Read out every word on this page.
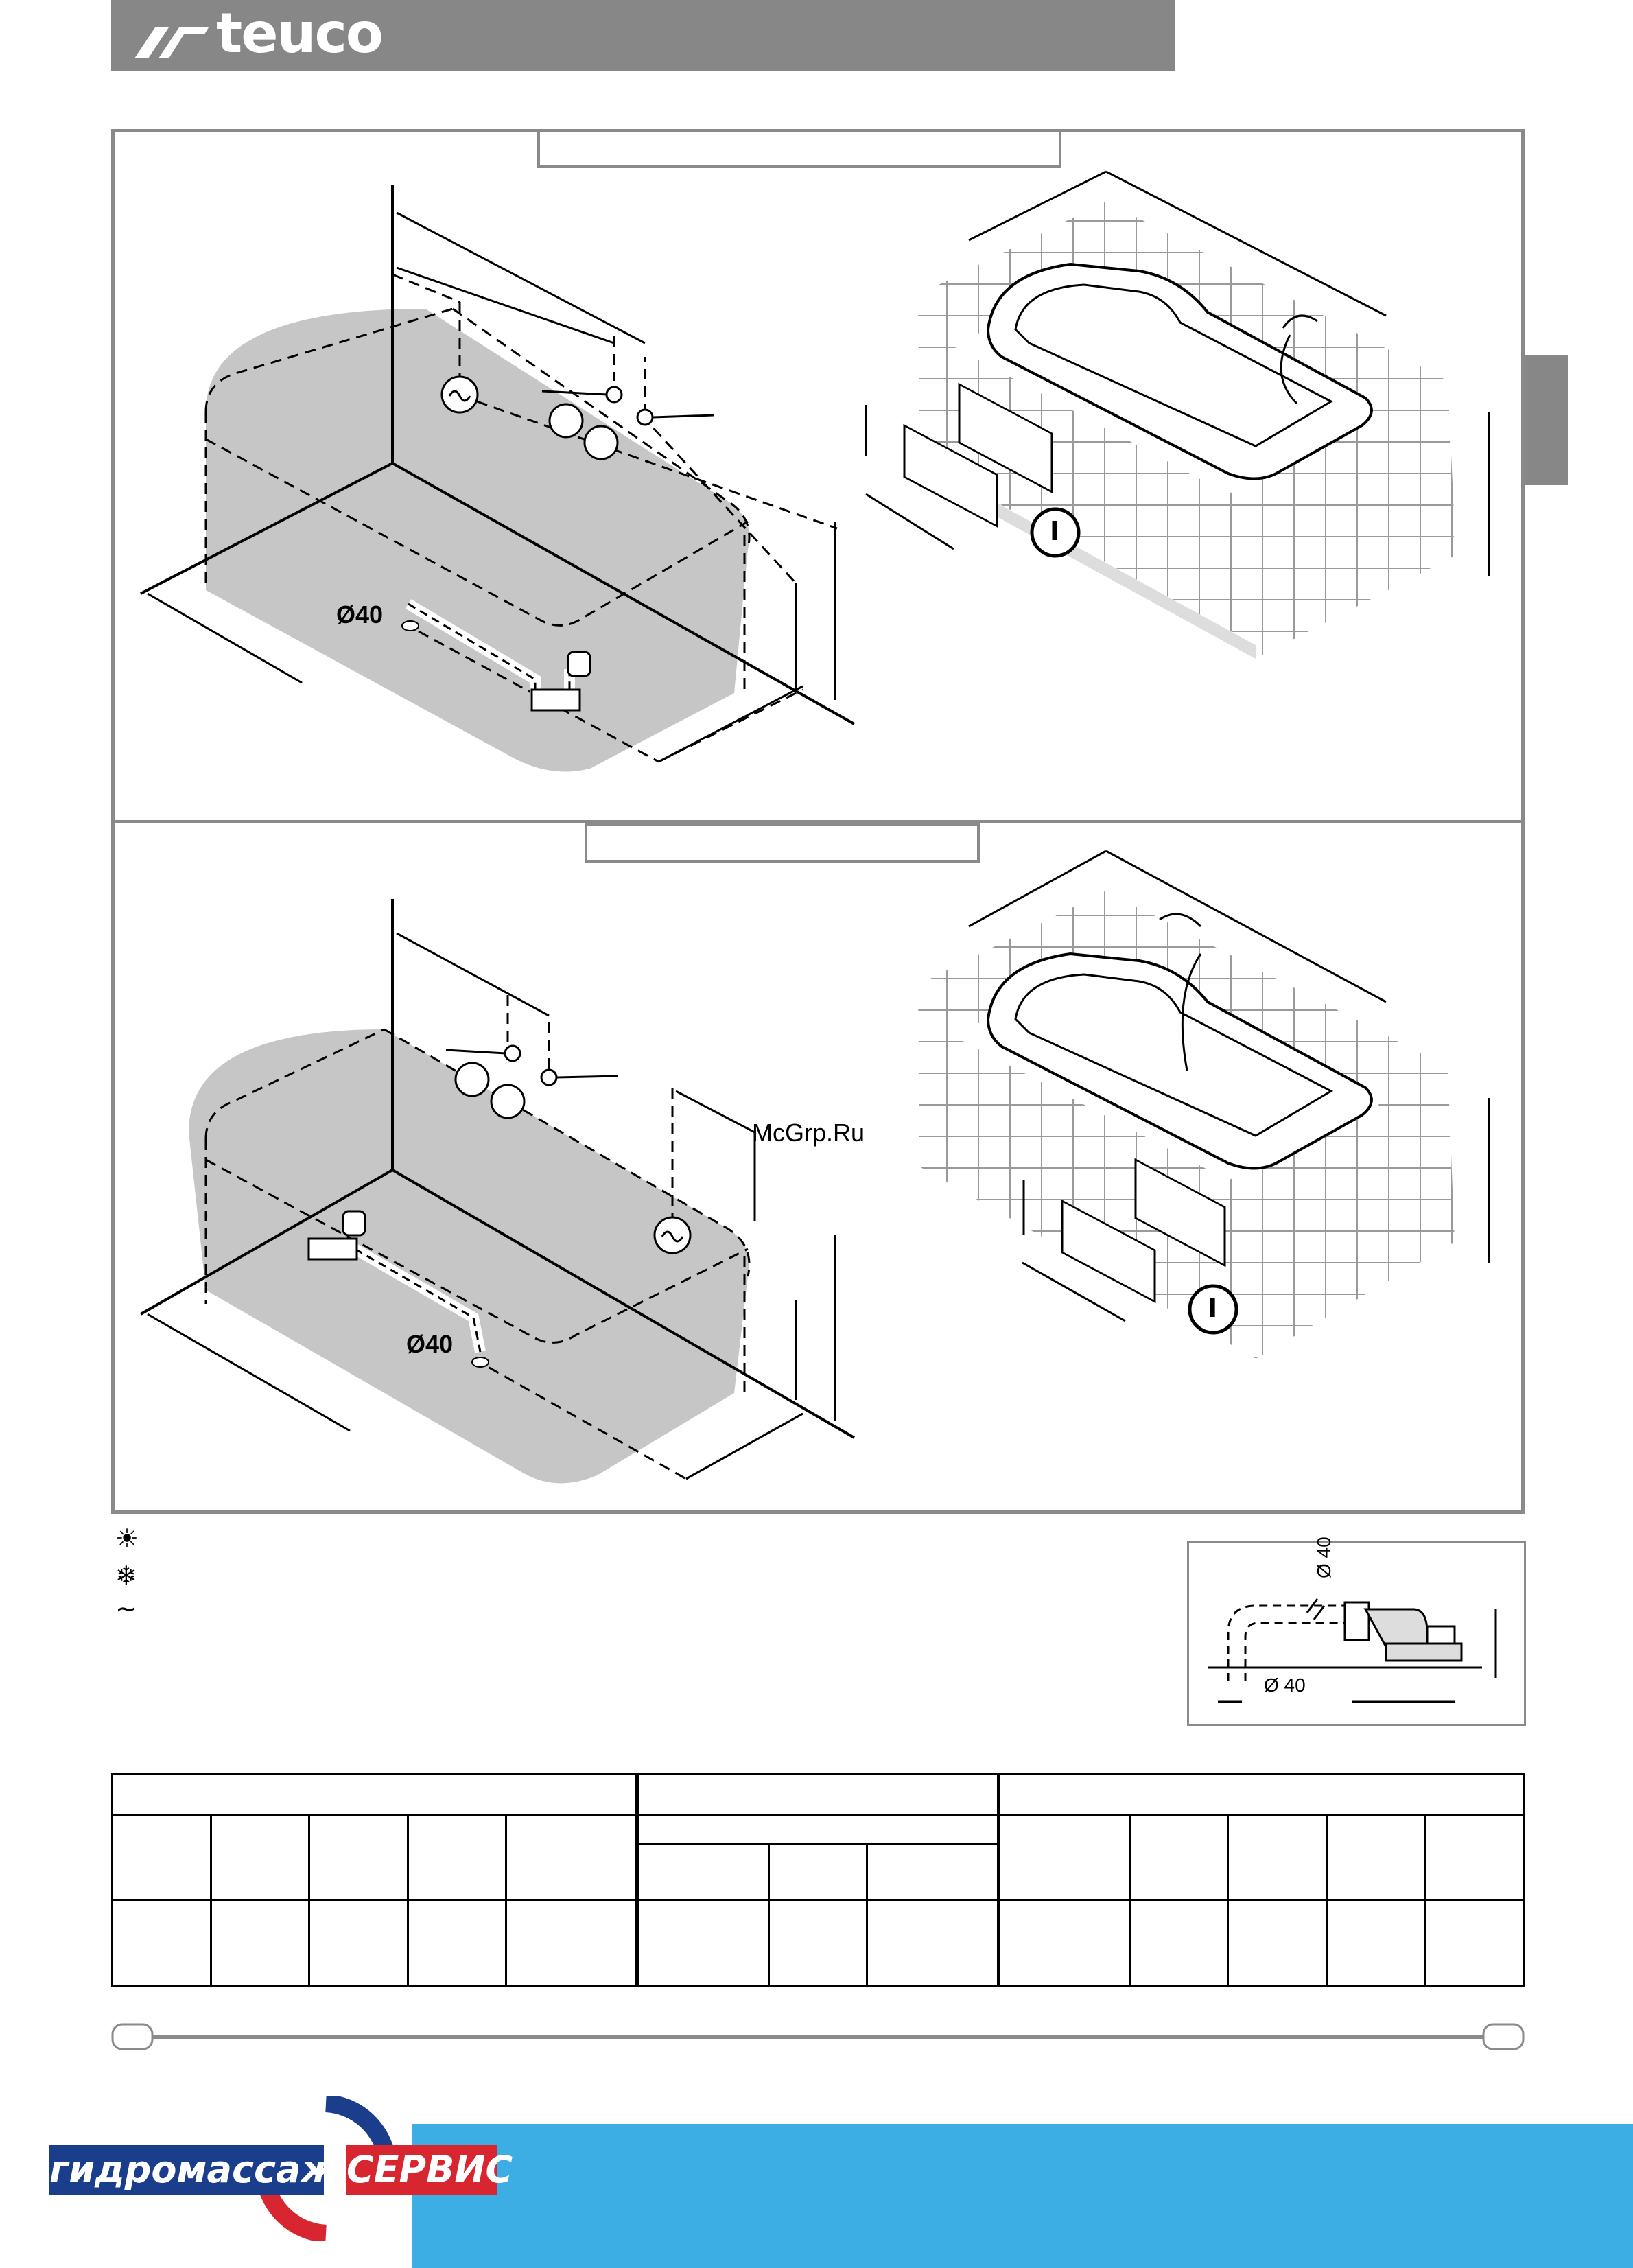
teuco
Ø40
Ø40
I
I
McGrp.Ru
☀
❄
~
Ø 40
Ø 40

гидромассаж СЕРВИС
